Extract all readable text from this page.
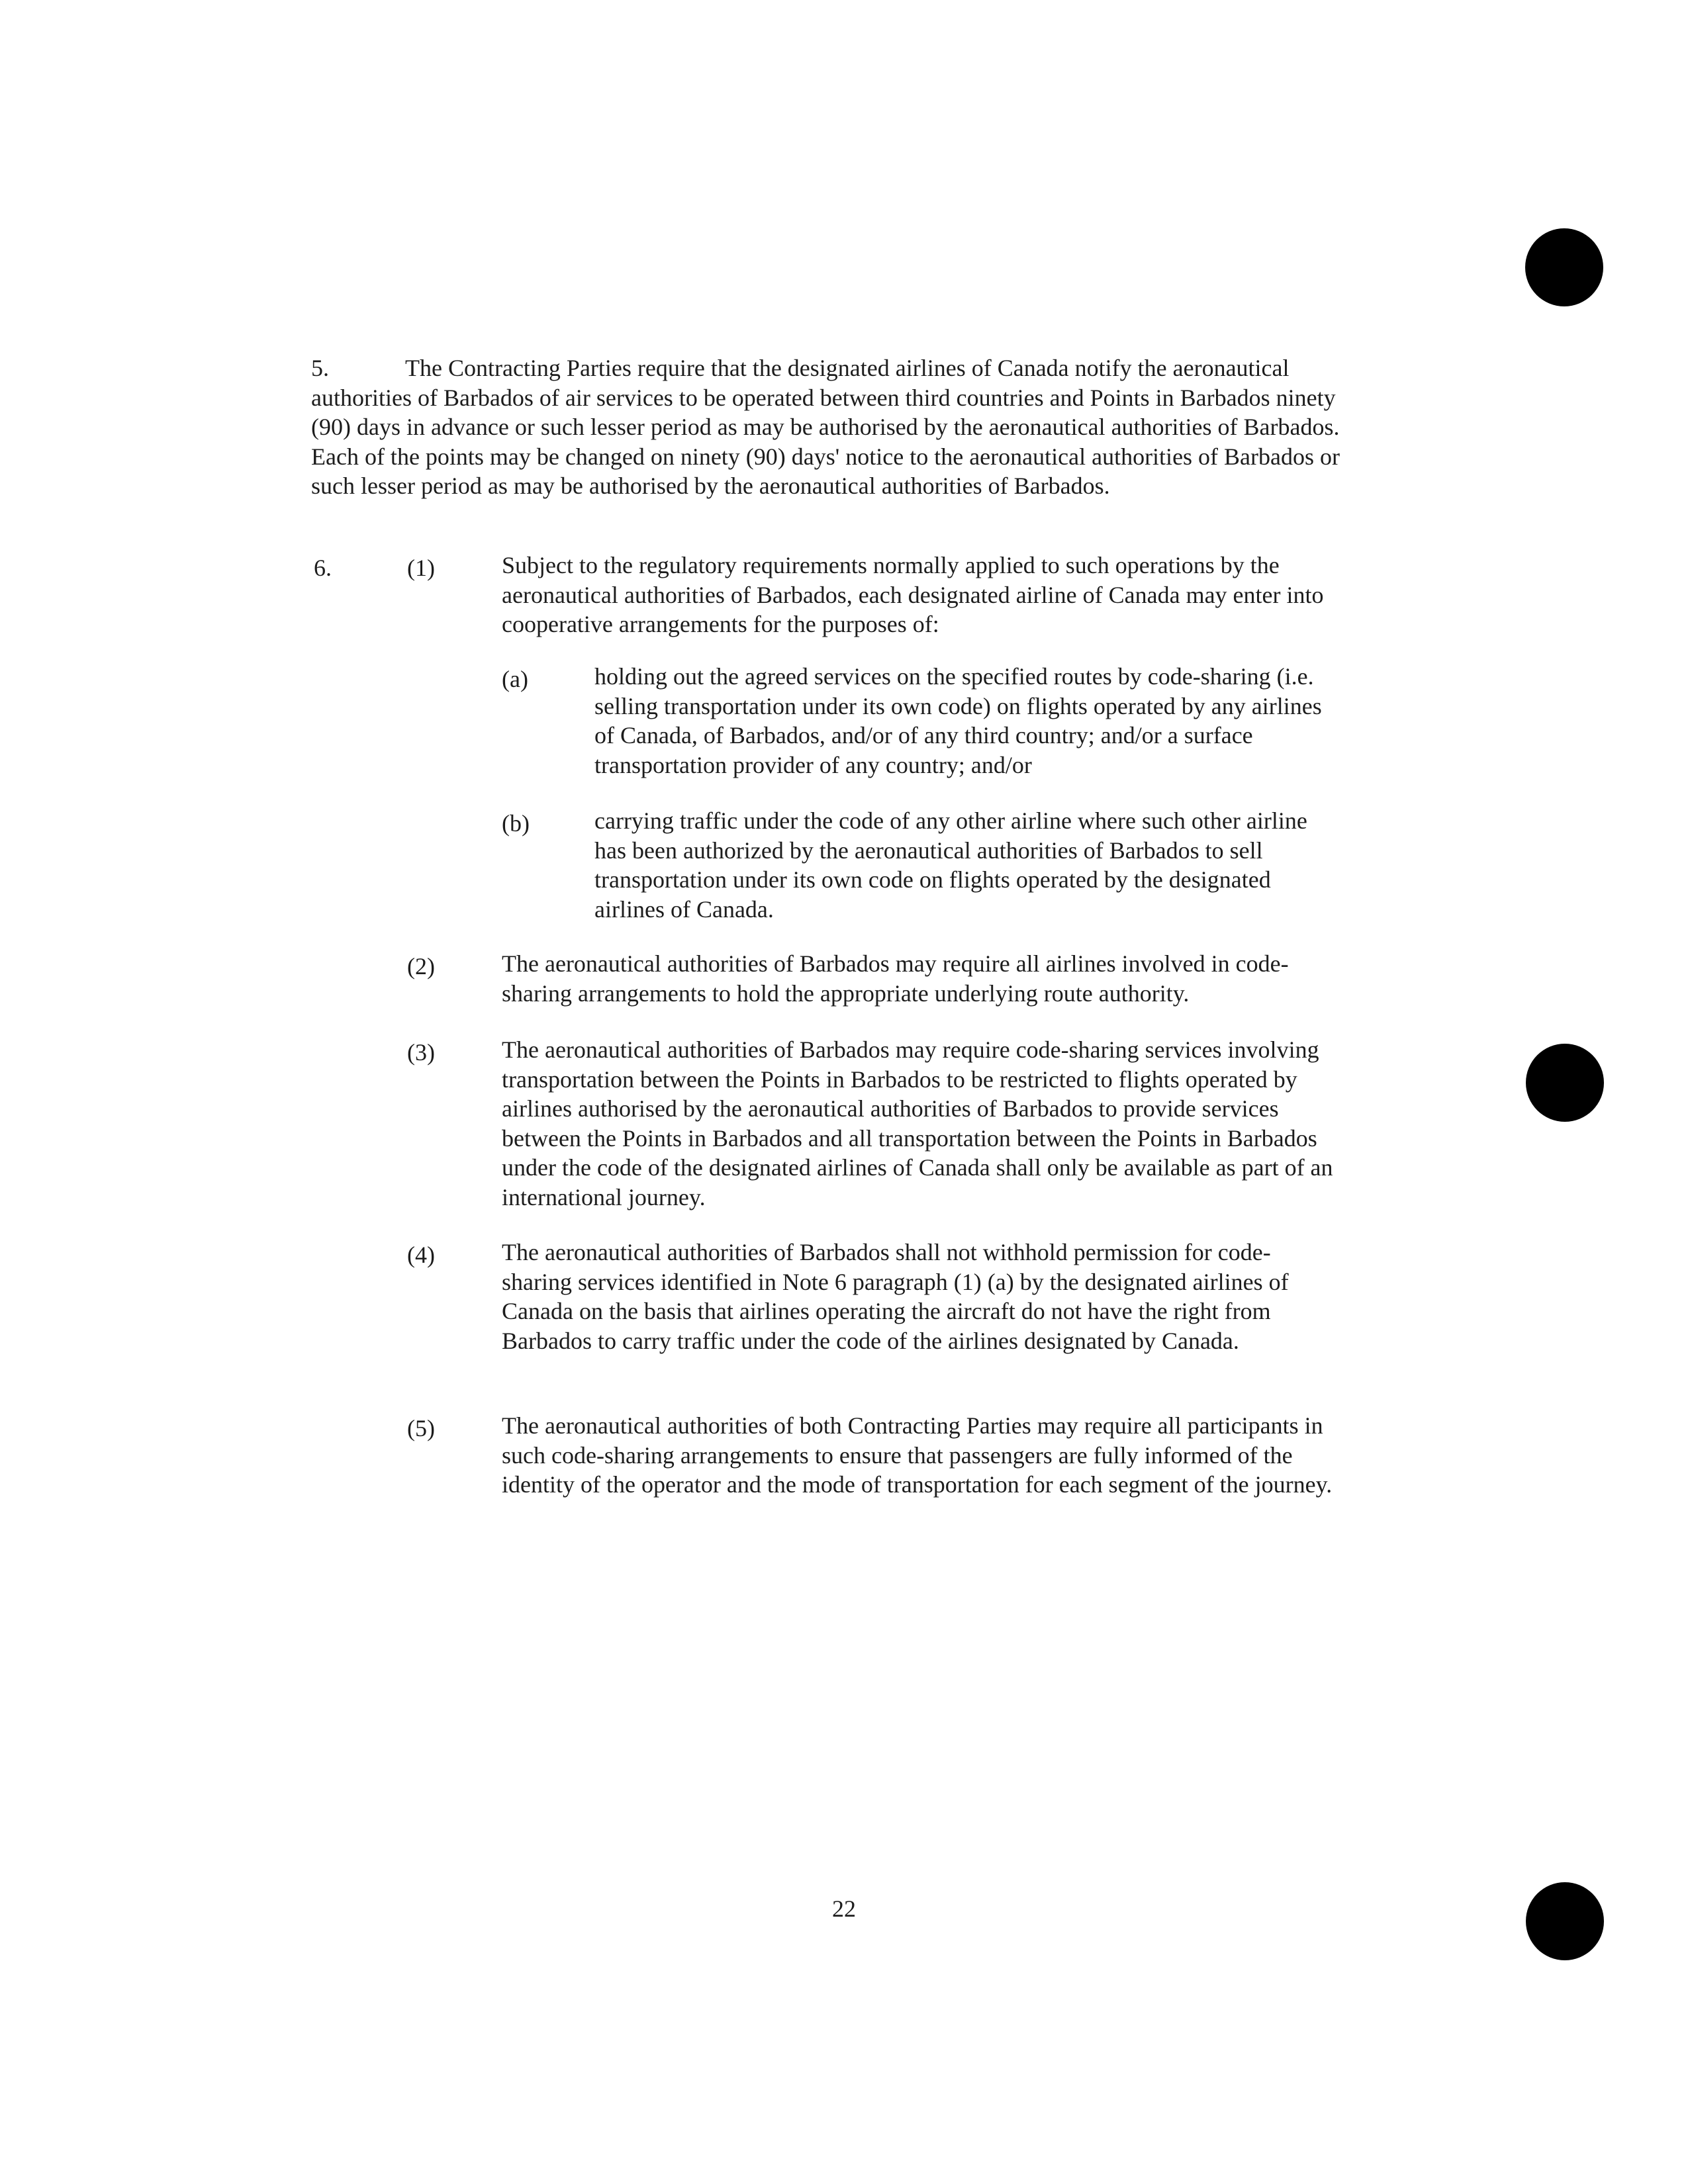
5.	The Contracting Parties require that the designated airlines of Canada notify the aeronautical authorities of Barbados of air services to be operated between third countries and Points in Barbados ninety (90) days in advance or such lesser period as may be authorised by the aeronautical authorities of Barbados. Each of the points may be changed on ninety (90) days' notice to the aeronautical authorities of Barbados or such lesser period as may be authorised by the aeronautical authorities of Barbados.

6.	(1)	Subject to the regulatory requirements normally applied to such operations by the aeronautical authorities of Barbados, each designated airline of Canada may enter into cooperative arrangements for the purposes of:

(a)	holding out the agreed services on the specified routes by code-sharing (i.e. selling transportation under its own code) on flights operated by any airlines of Canada, of Barbados, and/or of any third country; and/or a surface transportation provider of any country; and/or

(b)	carrying traffic under the code of any other airline where such other airline has been authorized by the aeronautical authorities of Barbados to sell transportation under its own code on flights operated by the designated airlines of Canada.

(2)	The aeronautical authorities of Barbados may require all airlines involved in code-sharing arrangements to hold the appropriate underlying route authority.

(3)	The aeronautical authorities of Barbados may require code-sharing services involving transportation between the Points in Barbados to be restricted to flights operated by airlines authorised by the aeronautical authorities of Barbados to provide services between the Points in Barbados and all transportation between the Points in Barbados under the code of the designated airlines of Canada shall only be available as part of an international journey.

(4)	The aeronautical authorities of Barbados shall not withhold permission for code-sharing services identified in Note 6 paragraph (1) (a) by the designated airlines of Canada on the basis that airlines operating the aircraft do not have the right from Barbados to carry traffic under the code of the airlines designated by Canada.

(5)	The aeronautical authorities of both Contracting Parties may require all participants in such code-sharing arrangements to ensure that passengers are fully informed of the identity of the operator and the mode of transportation for each segment of the journey.

22
